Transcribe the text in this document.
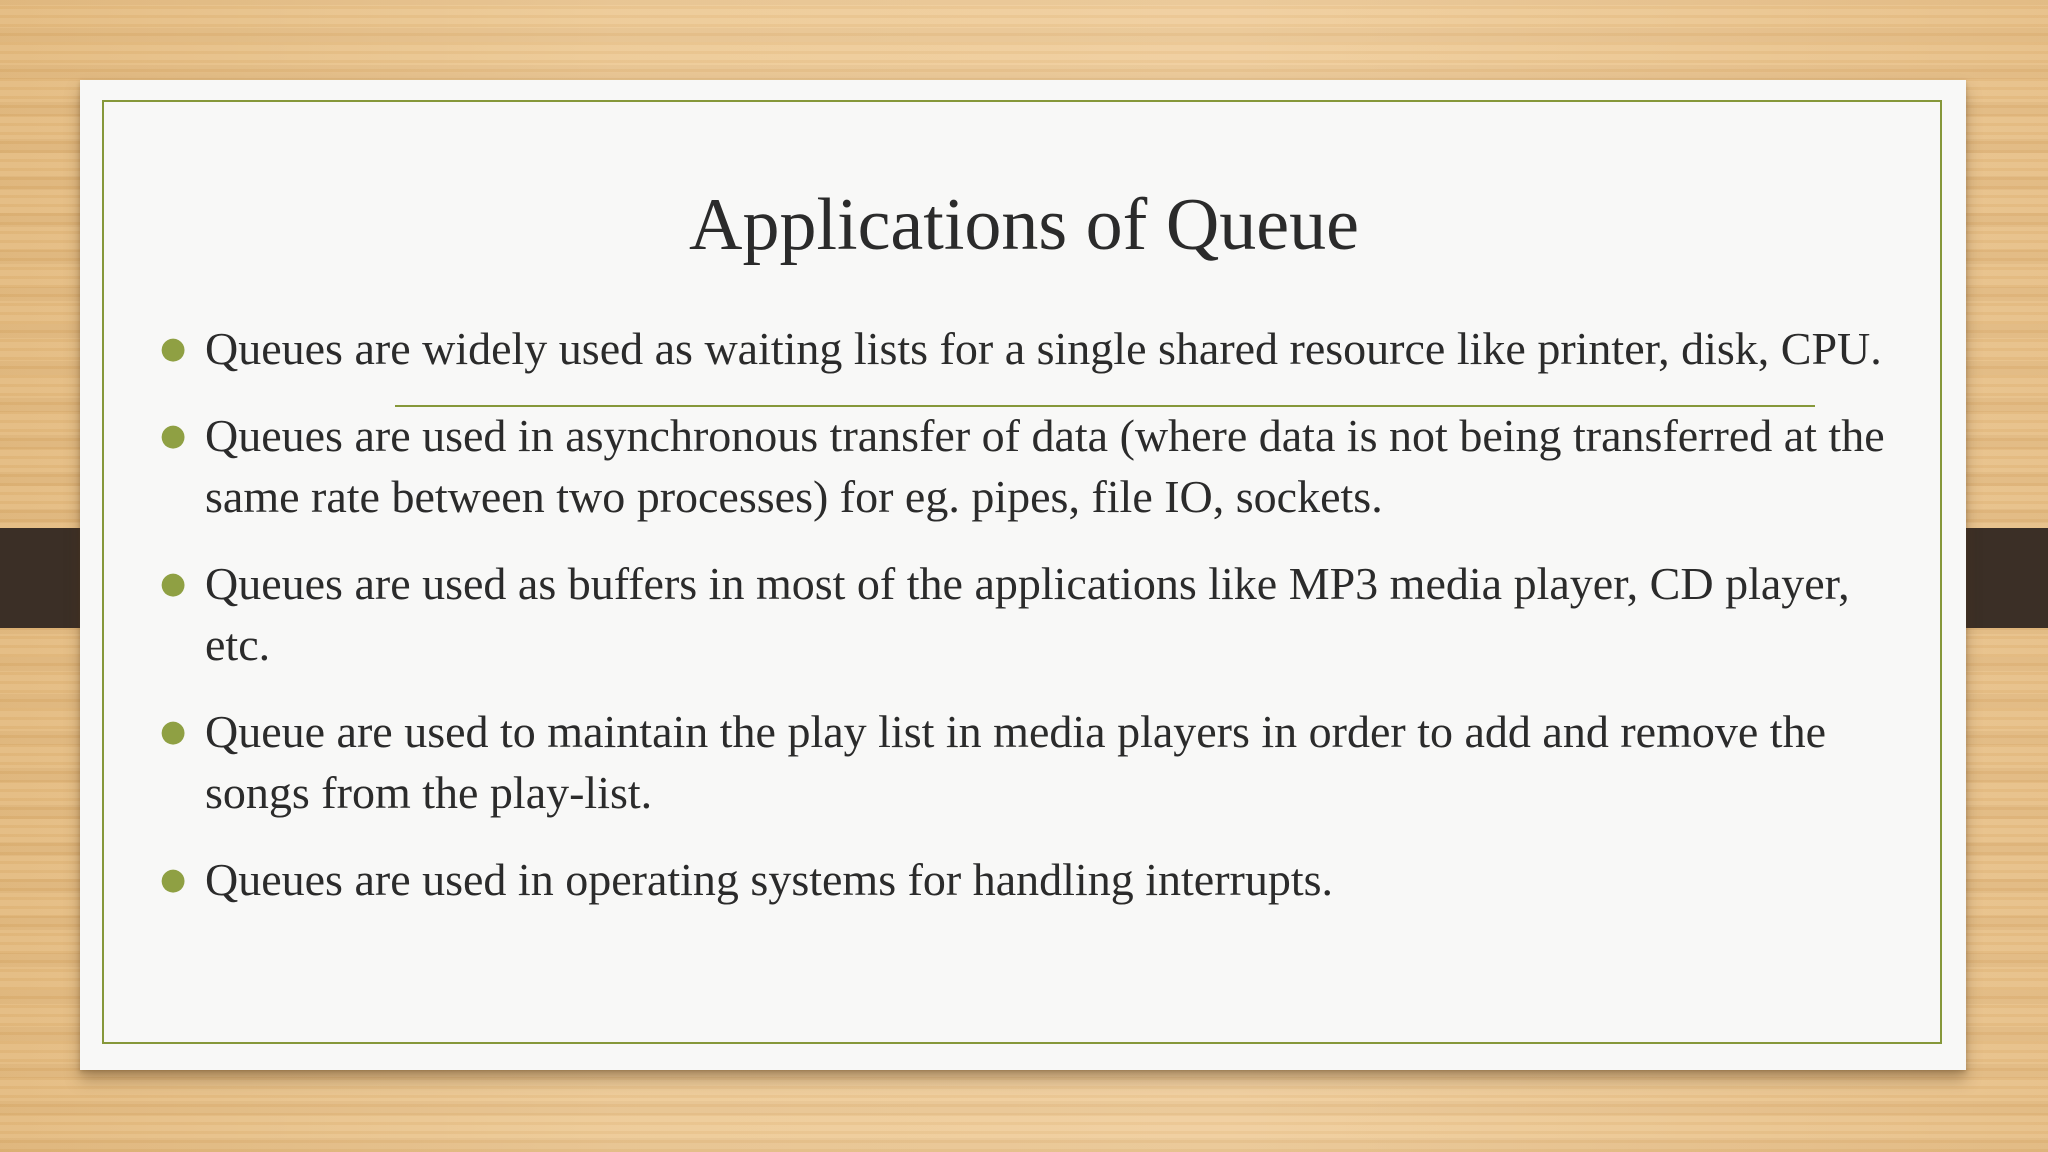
Applications of Queue
● Queues are widely used as waiting lists for a single shared resource like printer, disk, CPU.
● Queues are used in asynchronous transfer of data (where data is not being transferred at the same rate between two processes) for eg. pipes, file IO, sockets.
● Queues are used as buffers in most of the applications like MP3 media player, CD player, etc.
● Queue are used to maintain the play list in media players in order to add and remove the songs from the play-list.
● Queues are used in operating systems for handling interrupts.
